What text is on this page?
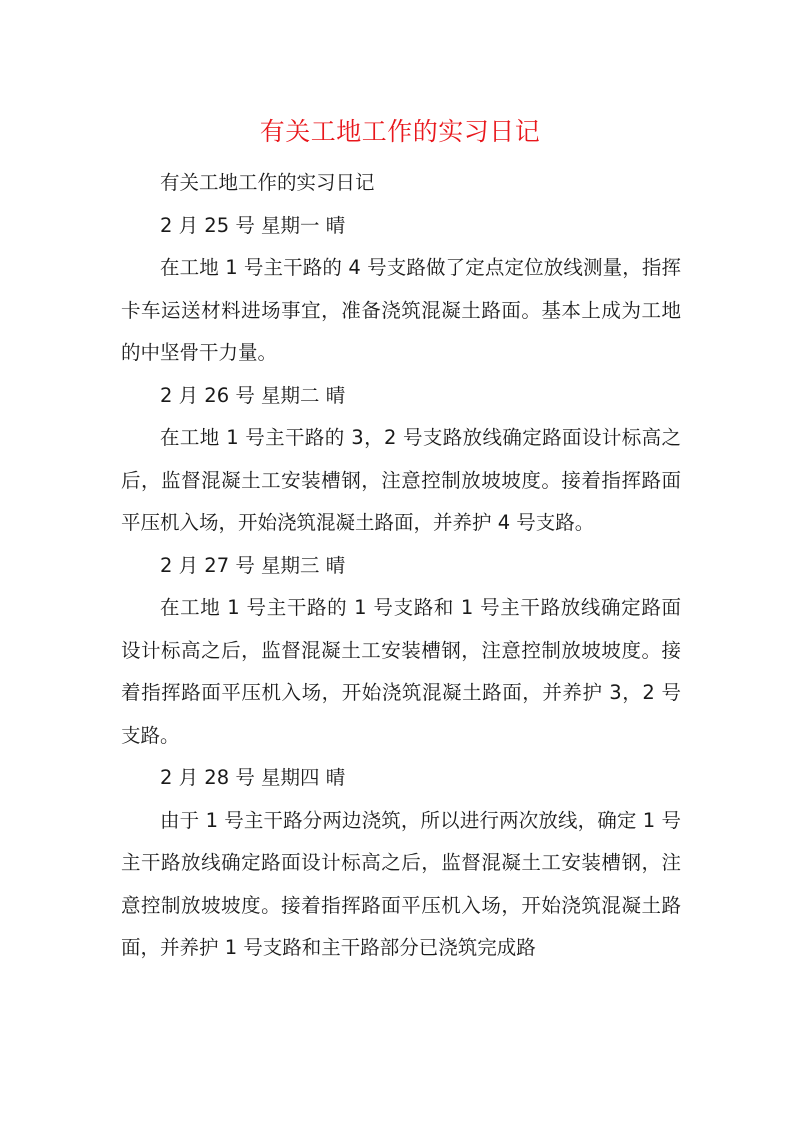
有关工地工作的实习日记

有关工地工作的实习日记

2 月 25 号 星期一 晴

在工地 1 号主干路的 4 号支路做了定点定位放线测量，指挥卡车运送材料进场事宜，准备浇筑混凝土路面。基本上成为工地的中坚骨干力量。

2 月 26 号 星期二 晴

在工地 1 号主干路的 3，2 号支路放线确定路面设计标高之后，监督混凝土工安装槽钢，注意控制放坡坡度。接着指挥路面平压机入场，开始浇筑混凝土路面，并养护 4 号支路。

2 月 27 号 星期三 晴

在工地 1 号主干路的 1 号支路和 1 号主干路放线确定路面设计标高之后，监督混凝土工安装槽钢，注意控制放坡坡度。接着指挥路面平压机入场，开始浇筑混凝土路面，并养护 3，2 号支路。

2 月 28 号 星期四 晴

由于 1 号主干路分两边浇筑，所以进行两次放线，确定 1 号主干路放线确定路面设计标高之后，监督混凝土工安装槽钢，注意控制放坡坡度。接着指挥路面平压机入场，开始浇筑混凝土路面，并养护 1 号支路和主干路部分已浇筑完成路
